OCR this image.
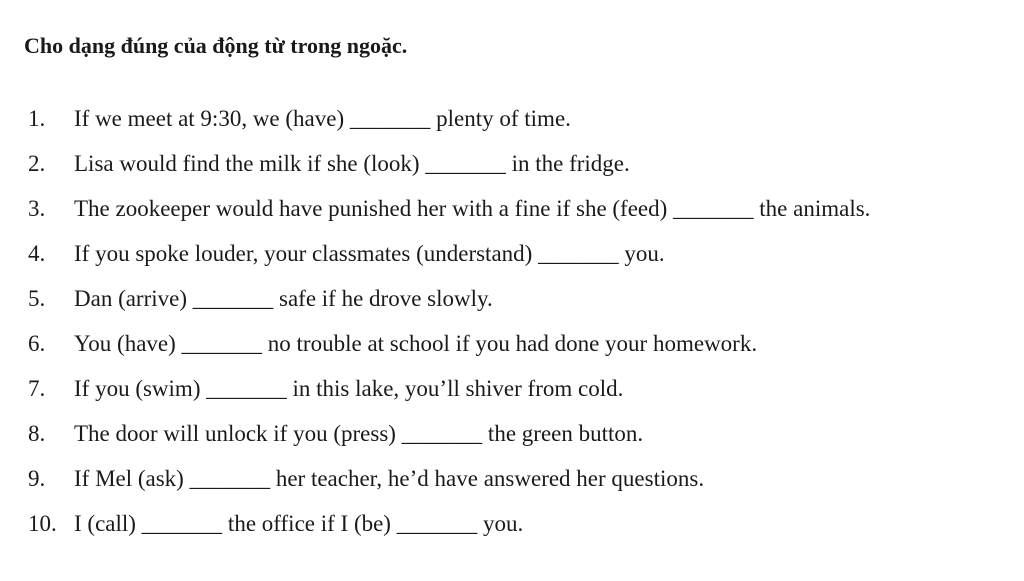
Cho dạng đúng của động từ trong ngoặc.
1. If we meet at 9:30, we (have) _______ plenty of time.
2. Lisa would find the milk if she (look) _______ in the fridge.
3. The zookeeper would have punished her with a fine if she (feed) _______ the animals.
4. If you spoke louder, your classmates (understand) _______ you.
5. Dan (arrive) _______ safe if he drove slowly.
6. You (have) _______ no trouble at school if you had done your homework.
7. If you (swim) _______ in this lake, you’ll shiver from cold.
8. The door will unlock if you (press) _______ the green button.
9. If Mel (ask) _______ her teacher, he’d have answered her questions.
10. I (call) _______ the office if I (be) _______ you.
